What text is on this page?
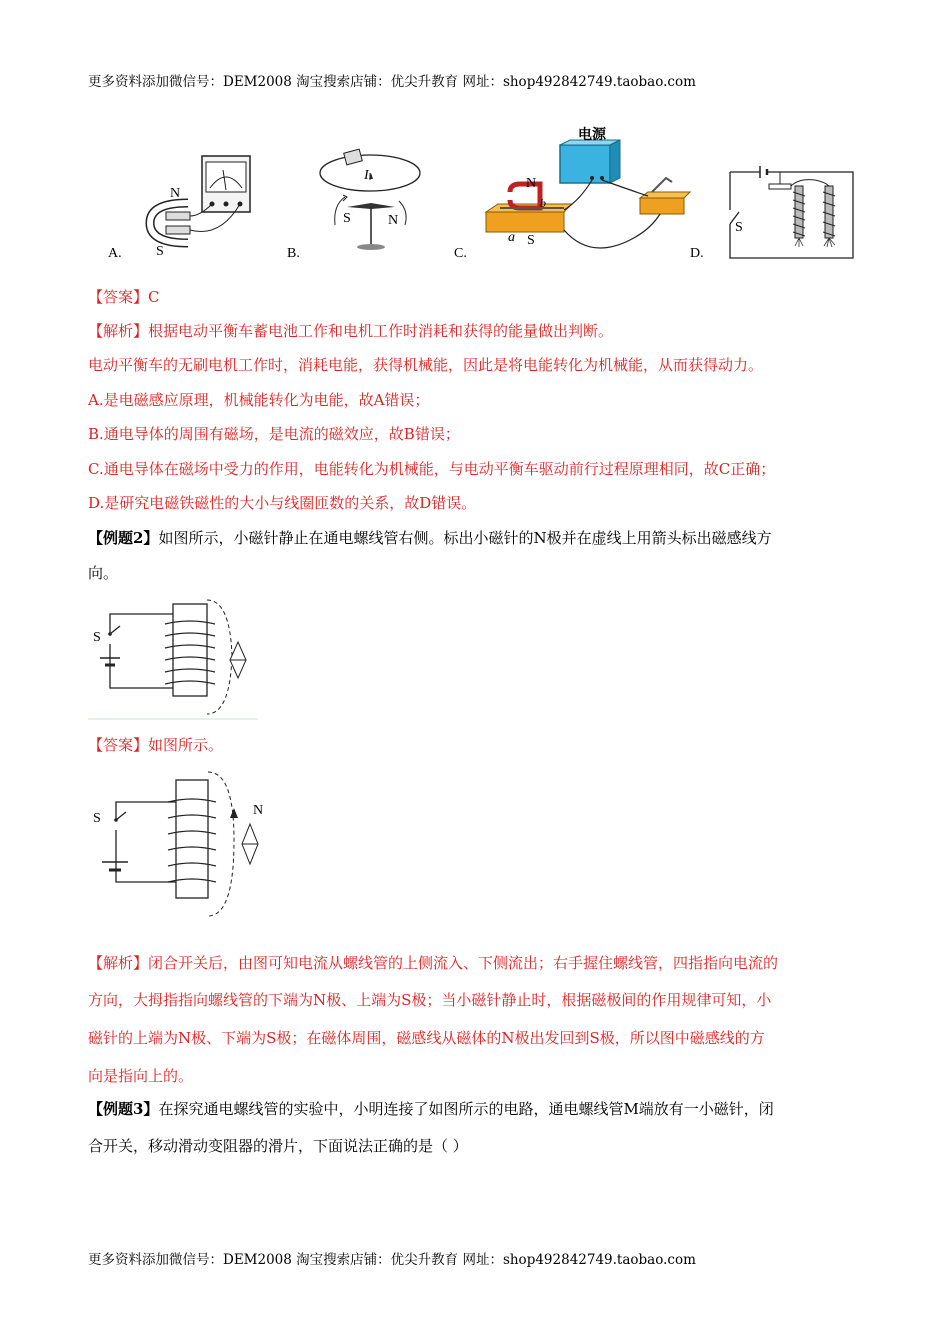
更多资料添加微信号：DEM2008 淘宝搜索店铺：优尖升教育 网址：shop492842749.taobao.com
N
S
A.
I
S	N
B.
电源
N
S
a
b
C.
S
D.
【答案】C
【解析】根据电动平衡车蓄电池工作和电机工作时消耗和获得的能量做出判断。
电动平衡车的无刷电机工作时，消耗电能，获得机械能，因此是将电能转化为机械能，从而获得动力。
A.是电磁感应原理，机械能转化为电能，故A错误；
B.通电导体的周围有磁场，是电流的磁效应，故B错误；
C.通电导体在磁场中受力的作用，电能转化为机械能，与电动平衡车驱动前行过程原理相同，故C正确；
D.是研究电磁铁磁性的大小与线圈匝数的关系，故D错误。
【例题2】如图所示，小磁针静止在通电螺线管右侧。标出小磁针的N极并在虚线上用箭头标出磁感线方
向。
S
【答案】如图所示。
S
N
【解析】闭合开关后，由图可知电流从螺线管的上侧流入、下侧流出；右手握住螺线管，四指指向电流的
方向，大拇指指向螺线管的下端为N极、上端为S极；当小磁针静止时，根据磁极间的作用规律可知，小
磁针的上端为N极、下端为S极；在磁体周围，磁感线从磁体的N极出发回到S极，所以图中磁感线的方
向是指向上的。
【例题3】在探究通电螺线管的实验中，小明连接了如图所示的电路，通电螺线管M端放有一小磁针，闭
合开关，移动滑动变阻器的滑片，下面说法正确的是（ ）
更多资料添加微信号：DEM2008 淘宝搜索店铺：优尖升教育 网址：shop492842749.taobao.com
